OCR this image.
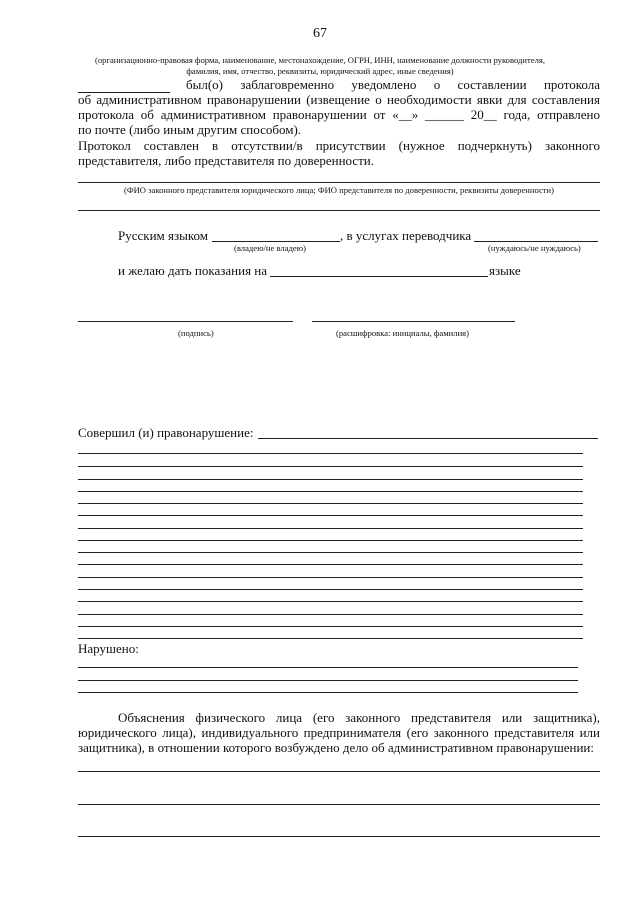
67
(организационно-правовая форма, наименование, местонахождение, ОГРН, ИНН, наименование должности руководителя,
фамилия, имя, отчество, реквизиты, юридический адрес, иные сведения)
был(о) заблаговременно уведомлено о составлении протокола
об административном правонарушении (извещение о необходимости явки для составления
протокола об административном правонарушении от «__» ______ 20__ года, отправлено
по почте (либо иным другим способом).
Протокол составлен в отсутствии/в присутствии (нужное подчеркнуть) законного
представителя, либо представителя по доверенности.
(ФИО законного представителя юридического лица; ФИО представителя по доверенности, реквизиты доверенности)
Русским языком	, в услугах переводчика
(владею/не владею)	(нуждаюсь/не нуждаюсь)
и желаю дать показания на	языке
(подпись)	(расшифровка: инициалы, фамилия)
Совершил (и) правонарушение:
Нарушено:
Объяснения физического лица (его законного представителя или защитника),
юридического лица), индивидуального предпринимателя (его законного представителя или
защитника), в отношении которого возбуждено дело об административном правонарушении:
